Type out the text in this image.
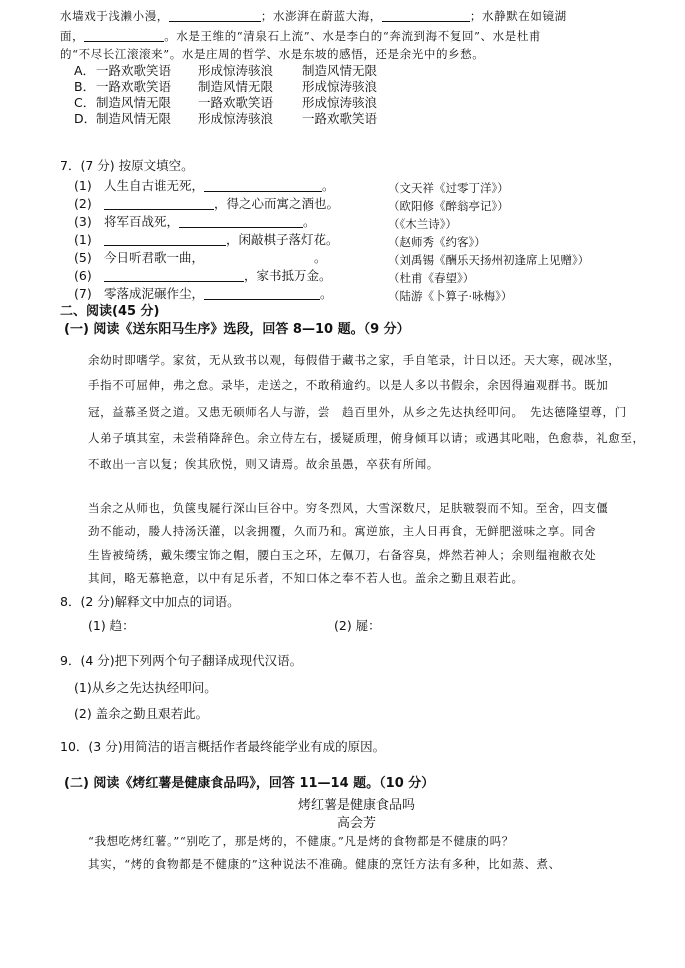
水墙戏于浅濑小漫，	；水澎湃在蔚蓝大海，	；水静默在如镜湖
面，	。水是王维的“清泉石上流”、水是李白的“奔流到海不复回”、水是杜甫
的“不尽长江滚滚来”。水是庄周的哲学、水是东坡的感悟，还是余光中的乡愁。
A．一路欢歌笑语 形成惊涛骇浪 制造风情无限
B．一路欢歌笑语 制造风情无限 形成惊涛骇浪
C．制造风情无限 一路欢歌笑语 形成惊涛骇浪
D．制造风情无限 形成惊涛骇浪 一路欢歌笑语
7．(7 分) 按原文填空。
(1) 人生自古谁无死，	。	（文天祥《过零丁洋》）
(2)	，得之心而寓之酒也。	（欧阳修《醉翁亭记》）
(3) 将军百战死，	。	（《木兰诗》）
(1)	，闲敲棋子落灯花。	（赵师秀《约客》）
(5) 今日听君歌一曲，	。	（刘禹锡《酬乐天扬州初逢席上见赠》）
(6)	，家书抵万金。	（杜甫《春望》）
(7) 零落成泥碾作尘，	。	（陆游《卜算子·咏梅》）
二、阅读(45 分)
(一) 阅读《送东阳马生序》选段，回答 8—10 题。（9 分）
余幼时即嗜学。家贫，无从致书以观，每假借于藏书之家，手自笔录，计日以还。天大寒，砚冰坚，
手指不可屈伸，弗之怠。录毕，走送之，不敢稍逾约。以是人多以书假余，余因得遍观群书。既加
冠，益慕圣贤之道。又患无硕师名人与游，尝　趋百里外，从乡之先达执经叩问。　先达德隆望尊，门
人弟子填其室，未尝稍降辞色。余立侍左右，援疑质理，俯身倾耳以请；或遇其叱咄，色愈恭，礼愈至，
不敢出一言以复；俟其欣悦，则又请焉。故余虽愚，卒获有所闻。
当余之从师也，负箧曳屣行深山巨谷中。穷冬烈风，大雪深数尺，足肤皲裂而不知。至舍，四支僵
劲不能动，媵人持汤沃灌，以衾拥覆，久而乃和。寓逆旅，主人日再食，无鲜肥滋味之享。同舍
生皆被绮绣，戴朱缨宝饰之帽，腰白玉之环，左佩刀，右备容臭，烨然若神人；余则缊袍敝衣处
其间，略无慕艳意，以中有足乐者，不知口体之奉不若人也。盖余之勤且艰若此。
8．(2 分)解释文中加点的词语。
(1) 趋：	(2) 屣：
9．(4 分)把下列两个句子翻译成现代汉语。
(1)从乡之先达执经叩问。
(2) 盖余之勤且艰若此。
10．(3 分)用简洁的语言概括作者最终能学业有成的原因。
(二) 阅读《烤红薯是健康食品吗》，回答 11—14 题。（10 分）
烤红薯是健康食品吗
高会芳
“我想吃烤红薯。”“别吃了，那是烤的，不健康。”凡是烤的食物都是不健康的吗？
其实，“烤的食物都是不健康的”这种说法不准确。健康的烹饪方法有多种，比如蒸、煮、
